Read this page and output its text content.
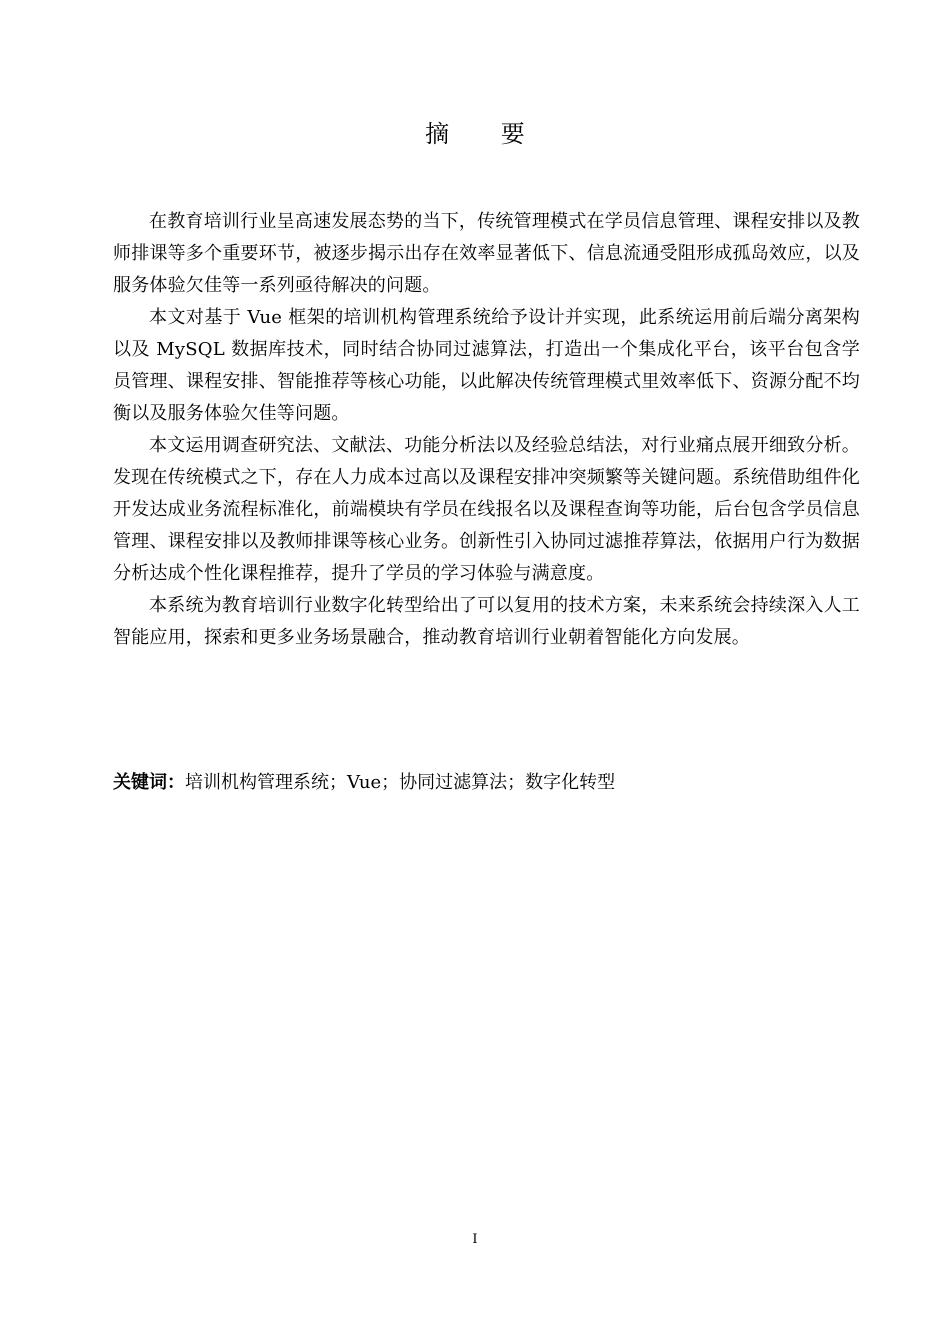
摘 要

在教育培训行业呈高速发展态势的当下，传统管理模式在学员信息管理、课程安排以及教师排课等多个重要环节，被逐步揭示出存在效率显著低下、信息流通受阻形成孤岛效应，以及服务体验欠佳等一系列亟待解决的问题。

本文对基于 Vue 框架的培训机构管理系统给予设计并实现，此系统运用前后端分离架构以及 MySQL 数据库技术，同时结合协同过滤算法，打造出一个集成化平台，该平台包含学员管理、课程安排、智能推荐等核心功能，以此解决传统管理模式里效率低下、资源分配不均衡以及服务体验欠佳等问题。

本文运用调查研究法、文献法、功能分析法以及经验总结法，对行业痛点展开细致分析。发现在传统模式之下，存在人力成本过高以及课程安排冲突频繁等关键问题。系统借助组件化开发达成业务流程标准化，前端模块有学员在线报名以及课程查询等功能，后台包含学员信息管理、课程安排以及教师排课等核心业务。创新性引入协同过滤推荐算法，依据用户行为数据分析达成个性化课程推荐，提升了学员的学习体验与满意度。

本系统为教育培训行业数字化转型给出了可以复用的技术方案，未来系统会持续深入人工智能应用，探索和更多业务场景融合，推动教育培训行业朝着智能化方向发展。

关键词：培训机构管理系统；Vue；协同过滤算法；数字化转型

I
